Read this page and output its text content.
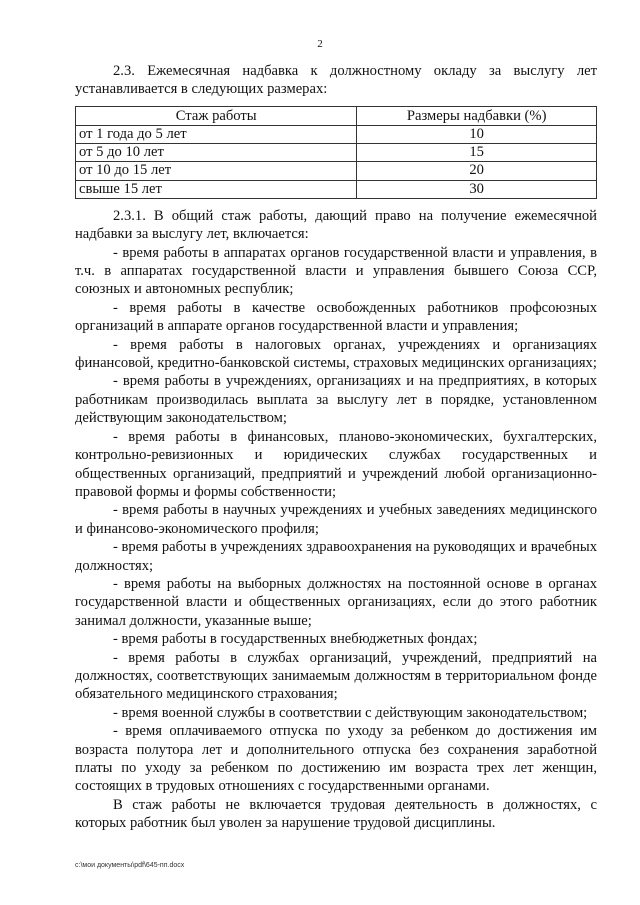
2

2.3. Ежемесячная надбавка к должностному окладу за выслугу лет устанавливается в следующих размерах:

Стаж работы	Размеры надбавки (%)
от 1 года до 5 лет	10
от 5 до 10 лет	15
от 10 до 15 лет	20
свыше 15 лет	30

2.3.1. В общий стаж работы, дающий право на получение ежемесячной надбавки за выслугу лет, включается:

- время работы в аппаратах органов государственной власти и управления, в т.ч. в аппаратах государственной власти и управления бывшего Союза ССР, союзных и автономных республик;

- время работы в качестве освобожденных работников профсоюзных организаций в аппарате органов государственной власти и управления;

- время работы в налоговых органах, учреждениях и организациях финансовой, кредитно-банковской системы, страховых медицинских организациях;

- время работы в учреждениях, организациях и на предприятиях, в которых работникам производилась выплата за выслугу лет в порядке, установленном действующим законодательством;

- время работы в финансовых, планово-экономических, бухгалтерских, контрольно-ревизионных и юридических службах государственных и общественных организаций, предприятий и учреждений любой организационно-правовой формы и формы собственности;

- время работы в научных учреждениях и учебных заведениях медицинского и финансово-экономического профиля;

- время работы в учреждениях здравоохранения на руководящих и врачебных должностях;

- время работы на выборных должностях на постоянной основе в органах государственной власти и общественных организациях, если до этого работник занимал должности, указанные выше;

- время работы в государственных внебюджетных фондах;

- время работы в службах организаций, учреждений, предприятий на должностях, соответствующих занимаемым должностям в территориальном фонде обязательного медицинского страхования;

- время военной службы в соответствии с действующим законодательством;

- время оплачиваемого отпуска по уходу за ребенком до достижения им возраста полутора лет и дополнительного отпуска без сохранения заработной платы по уходу за ребенком по достижению им возраста трех лет женщин, состоящих в трудовых отношениях с государственными органами.

В стаж работы не включается трудовая деятельность в должностях, с которых работник был уволен за нарушение трудовой дисциплины.

c:\мои документы\pdf\645-пп.docx
